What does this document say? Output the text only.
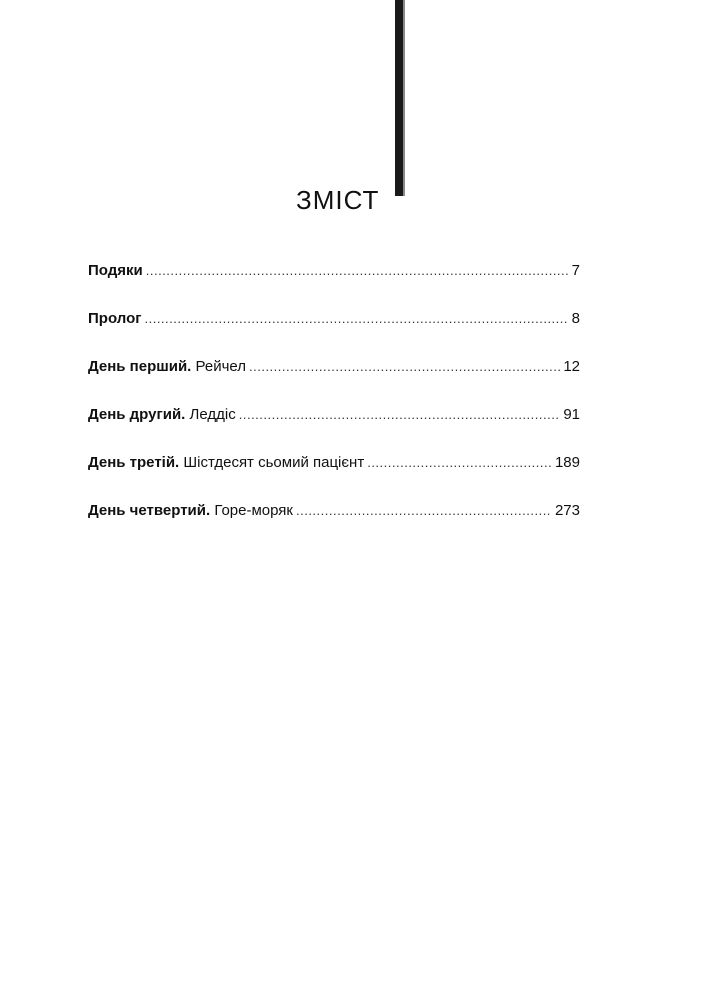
ЗМІСТ
Подяки .....	7
Пролог .....	8
День перший. Рейчел .....	12
День другий. Леддіс .....	91
День третій. Шістдесят сьомий пацієнт .....	189
День четвертий. Горе-моряк .....	273
